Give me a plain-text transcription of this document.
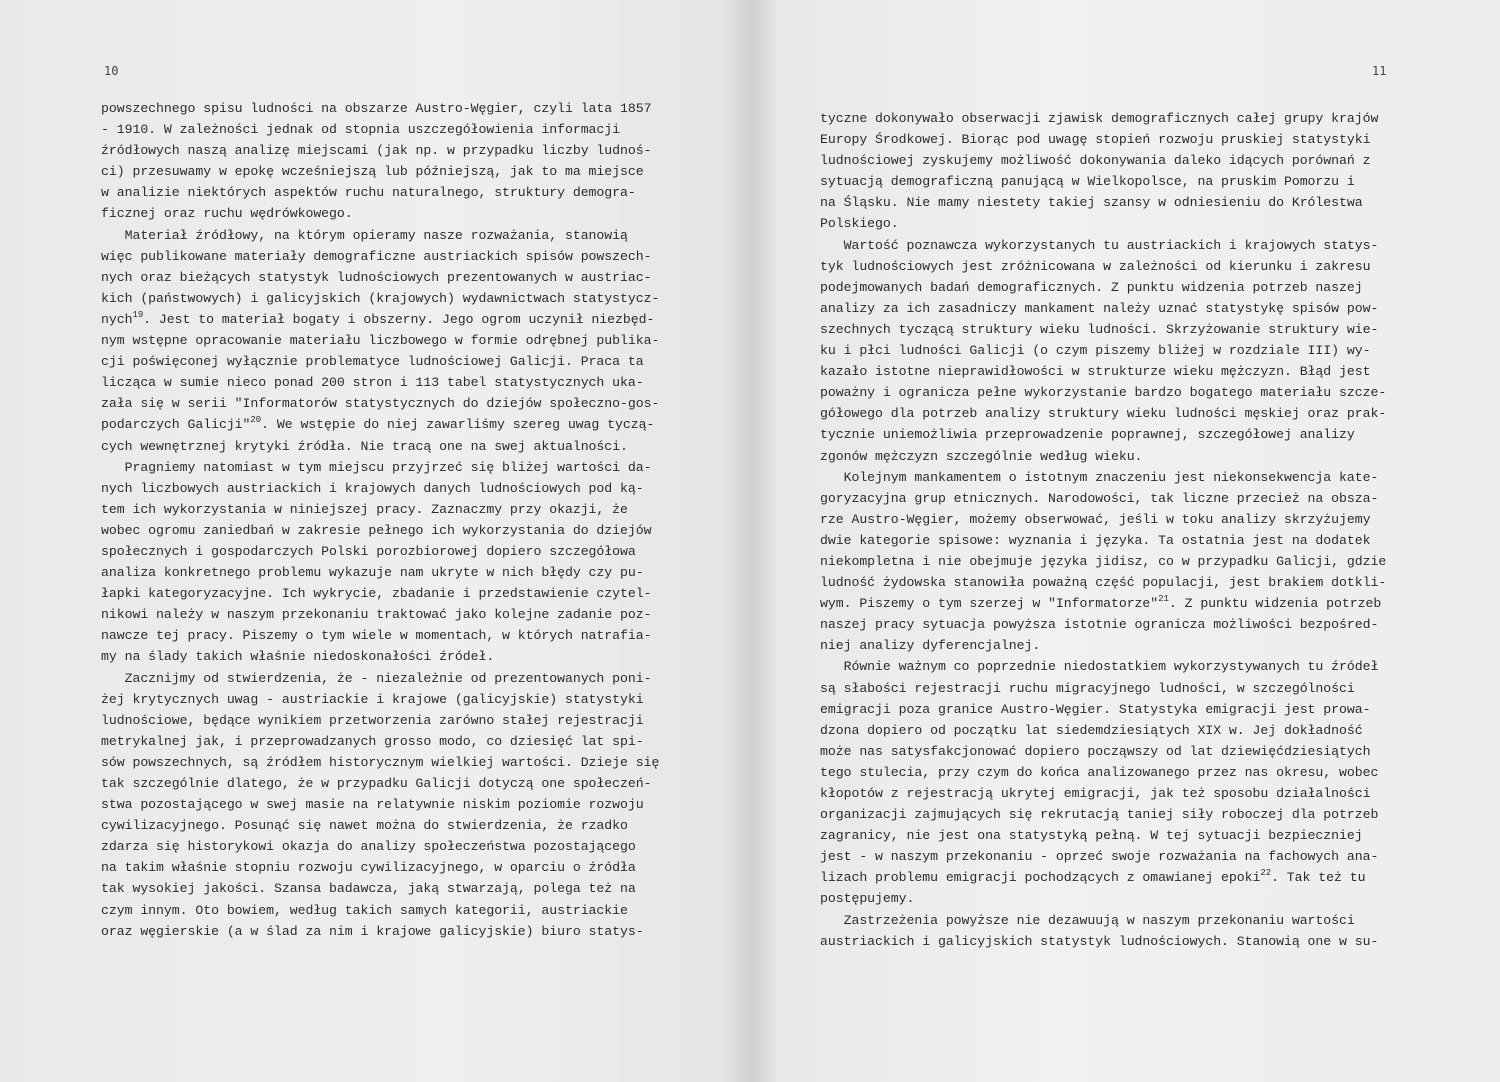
10
powszechnego spisu ludności na obszarze Austro-Węgier, czyli lata 1857
- 1910. W zależności jednak od stopnia uszczegółowienia informacji
źródłowych naszą analizę miejscami (jak np. w przypadku liczby ludnoś-
ci) przesuwamy w epokę wcześniejszą lub późniejszą, jak to ma miejsce
w analizie niektórych aspektów ruchu naturalnego, struktury demogra-
ficznej oraz ruchu wędrówkowego.
Materiał źródłowy, na którym opieramy nasze rozważania, stanowią
więc publikowane materiały demograficzne austriackich spisów powszech-
nych oraz bieżących statystyk ludnościowych prezentowanych w austriac-
kich (państwowych) i galicyjskich (krajowych) wydawnictwach statystycz-
nych$^{19}$. Jest to materiał bogaty i obszerny. Jego ogrom uczynił niezbęd-
nym wstępne opracowanie materiału liczbowego w formie odrębnej publika-
cji poświęconej wyłącznie problematyce ludnościowej Galicji. Praca ta
licząca w sumie nieco ponad 200 stron i 113 tabel statystycznych uka-
zała się w serii "Informatorów statystycznych do dziejów społeczno-gos-
podarczych Galicji"$^{20}$. We wstępie do niej zawarliśmy szereg uwag tyczą-
cych wewnętrznej krytyki źródła. Nie tracą one na swej aktualności.
Pragniemy natomiast w tym miejscu przyjrzeć się bliżej wartości da-
nych liczbowych austriackich i krajowych danych ludnościowych pod ką-
tem ich wykorzystania w niniejszej pracy. Zaznaczmy przy okazji, że
wobec ogromu zaniedbań w zakresie pełnego ich wykorzystania do dziejów
społecznych i gospodarczych Polski porozbiorowej dopiero szczegółowa
analiza konkretnego problemu wykazuje nam ukryte w nich błędy czy pu-
łapki kategoryzacyjne. Ich wykrycie, zbadanie i przedstawienie czytel-
nikowi należy w naszym przekonaniu traktować jako kolejne zadanie poz-
nawcze tej pracy. Piszemy o tym wiele w momentach, w których natrafia-
my na ślady takich właśnie niedoskonałości źródeł.
Zacznijmy od stwierdzenia, że - niezależnie od prezentowanych poni-
żej krytycznych uwag - austriackie i krajowe (galicyjskie) statystyki
ludnościowe, będące wynikiem przetworzenia zarówno stałej rejestracji
metrykalnej jak, i przeprowadzanych grosso modo, co dziesięć lat spi-
sów powszechnych, są źródłem historycznym wielkiej wartości. Dzieje się
tak szczególnie dlatego, że w przypadku Galicji dotyczą one społeczeń-
stwa pozostającego w swej masie na relatywnie niskim poziomie rozwoju
cywilizacyjnego. Posunąć się nawet można do stwierdzenia, że rzadko
zdarza się historykowi okazja do analizy społeczeństwa pozostającego
na takim właśnie stopniu rozwoju cywilizacyjnego, w oparciu o źródła
tak wysokiej jakości. Szansa badawcza, jaką stwarzają, polega też na
czym innym. Oto bowiem, według takich samych kategorii, austriackie
oraz węgierskie (a w ślad za nim i krajowe galicyjskie) biuro statys-
11
tyczne dokonywało obserwacji zjawisk demograficznych całej grupy krajów
Europy Środkowej. Biorąc pod uwagę stopień rozwoju pruskiej statystyki
ludnościowej zyskujemy możliwość dokonywania daleko idących porównań z
sytuacją demograficzną panującą w Wielkopolsce, na pruskim Pomorzu i
na Śląsku. Nie mamy niestety takiej szansy w odniesieniu do Królestwa
Polskiego.
Wartość poznawcza wykorzystanych tu austriackich i krajowych statys-
tyk ludnościowych jest zróżnicowana w zależności od kierunku i zakresu
podejmowanych badań demograficznych. Z punktu widzenia potrzeb naszej
analizy za ich zasadniczy mankament należy uznać statystykę spisów pow-
szechnych tyczącą struktury wieku ludności. Skrzyżowanie struktury wie-
ku i płci ludności Galicji (o czym piszemy bliżej w rozdziale III) wy-
kazało istotne nieprawidłowości w strukturze wieku mężczyzn. Błąd jest
poważny i ogranicza pełne wykorzystanie bardzo bogatego materiału szcze-
gółowego dla potrzeb analizy struktury wieku ludności męskiej oraz prak-
tycznie uniemożliwia przeprowadzenie poprawnej, szczegółowej analizy
zgonów mężczyzn szczególnie według wieku.
Kolejnym mankamentem o istotnym znaczeniu jest niekonsekwencja kate-
goryzacyjna grup etnicznych. Narodowości, tak liczne przecież na obsza-
rze Austro-Węgier, możemy obserwować, jeśli w toku analizy skrzyżujemy
dwie kategorie spisowe: wyznania i języka. Ta ostatnia jest na dodatek
niekompletna i nie obejmuje języka jidisz, co w przypadku Galicji, gdzie
ludność żydowska stanowiła poważną część populacji, jest brakiem dotkli-
wym. Piszemy o tym szerzej w "Informatorze"$^{21}$. Z punktu widzenia potrzeb
naszej pracy sytuacja powyższa istotnie ogranicza możliwości bezpośred-
niej analizy dyferencjalnej.
Równie ważnym co poprzednie niedostatkiem wykorzystywanych tu źródeł
są słabości rejestracji ruchu migracyjnego ludności, w szczególności
emigracji poza granice Austro-Węgier. Statystyka emigracji jest prowa-
dzona dopiero od początku lat siedemdziesiątych XIX w. Jej dokładność
może nas satysfakcjonować dopiero począwszy od lat dziewięćdziesiątych
tego stulecia, przy czym do końca analizowanego przez nas okresu, wobec
kłopotów z rejestracją ukrytej emigracji, jak też sposobu działalności
organizacji zajmujących się rekrutacją taniej siły roboczej dla potrzeb
zagranicy, nie jest ona statystyką pełną. W tej sytuacji bezpieczniej
jest - w naszym przekonaniu - oprzeć swoje rozważania na fachowych ana-
lizach problemu emigracji pochodzących z omawianej epoki$^{22}$. Tak też tu
postępujemy.
Zastrzeżenia powyższe nie dezawuują w naszym przekonaniu wartości
austriackich i galicyjskich statystyk ludnościowych. Stanowią one w su-
